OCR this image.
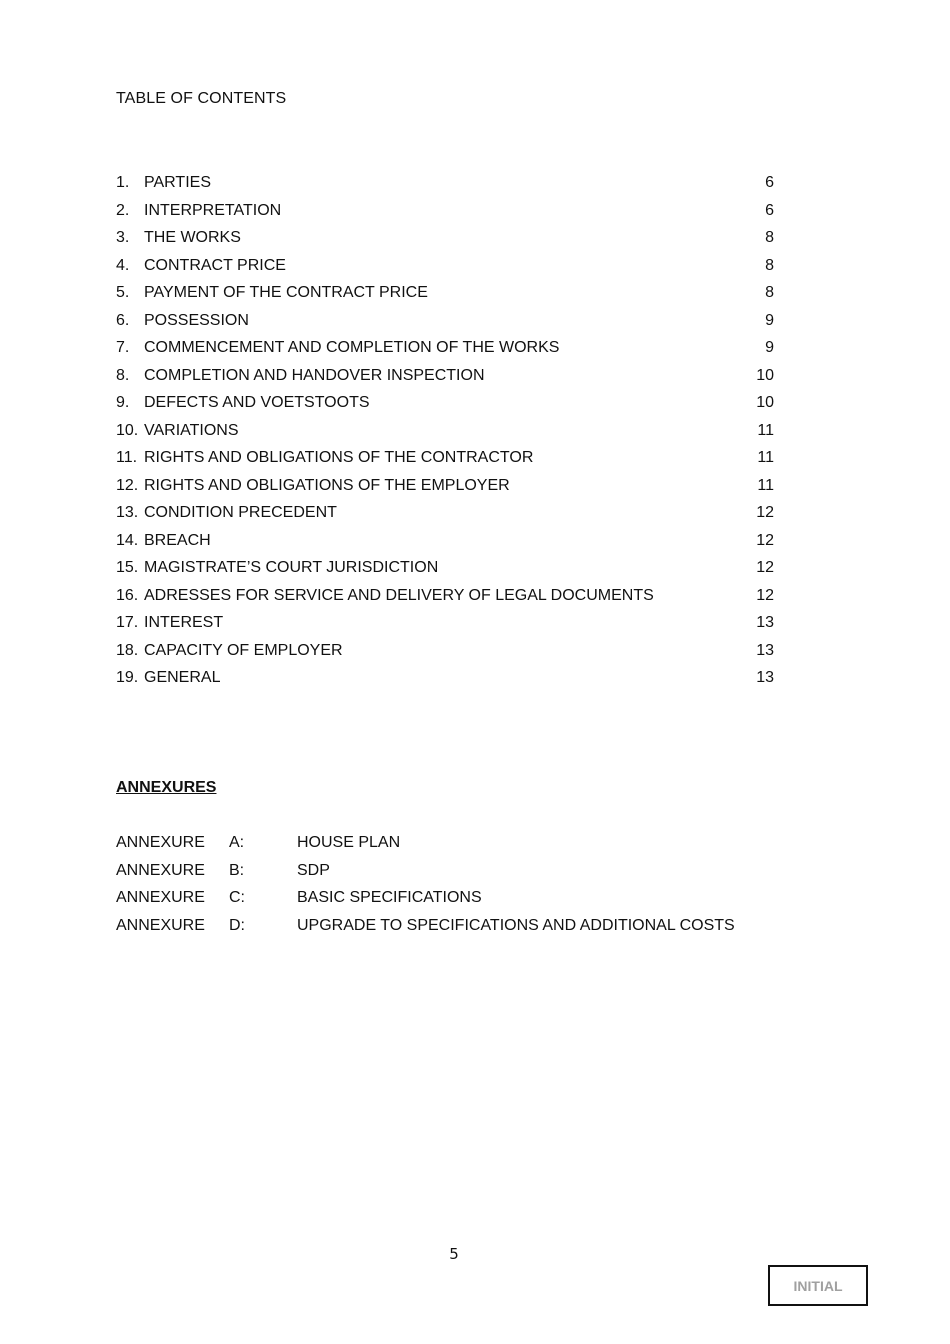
TABLE OF CONTENTS
1. PARTIES	6
2. INTERPRETATION	6
3. THE WORKS	8
4. CONTRACT PRICE	8
5. PAYMENT OF THE CONTRACT PRICE	8
6. POSSESSION	9
7. COMMENCEMENT AND COMPLETION OF THE WORKS	9
8. COMPLETION AND HANDOVER INSPECTION	10
9. DEFECTS AND VOETSTOOTS	10
10. VARIATIONS	11
11. RIGHTS AND OBLIGATIONS OF THE CONTRACTOR	11
12. RIGHTS AND OBLIGATIONS OF THE EMPLOYER	11
13. CONDITION PRECEDENT	12
14. BREACH	12
15. MAGISTRATE’S COURT JURISDICTION	12
16. ADRESSES FOR SERVICE AND DELIVERY OF LEGAL DOCUMENTS	12
17. INTEREST	13
18. CAPACITY OF EMPLOYER	13
19. GENERAL	13
ANNEXURES
ANNEXURE A:	HOUSE PLAN
ANNEXURE B:	SDP
ANNEXURE C:	BASIC SPECIFICATIONS
ANNEXURE D:	UPGRADE TO SPECIFICATIONS AND ADDITIONAL COSTS
5
INITIAL
